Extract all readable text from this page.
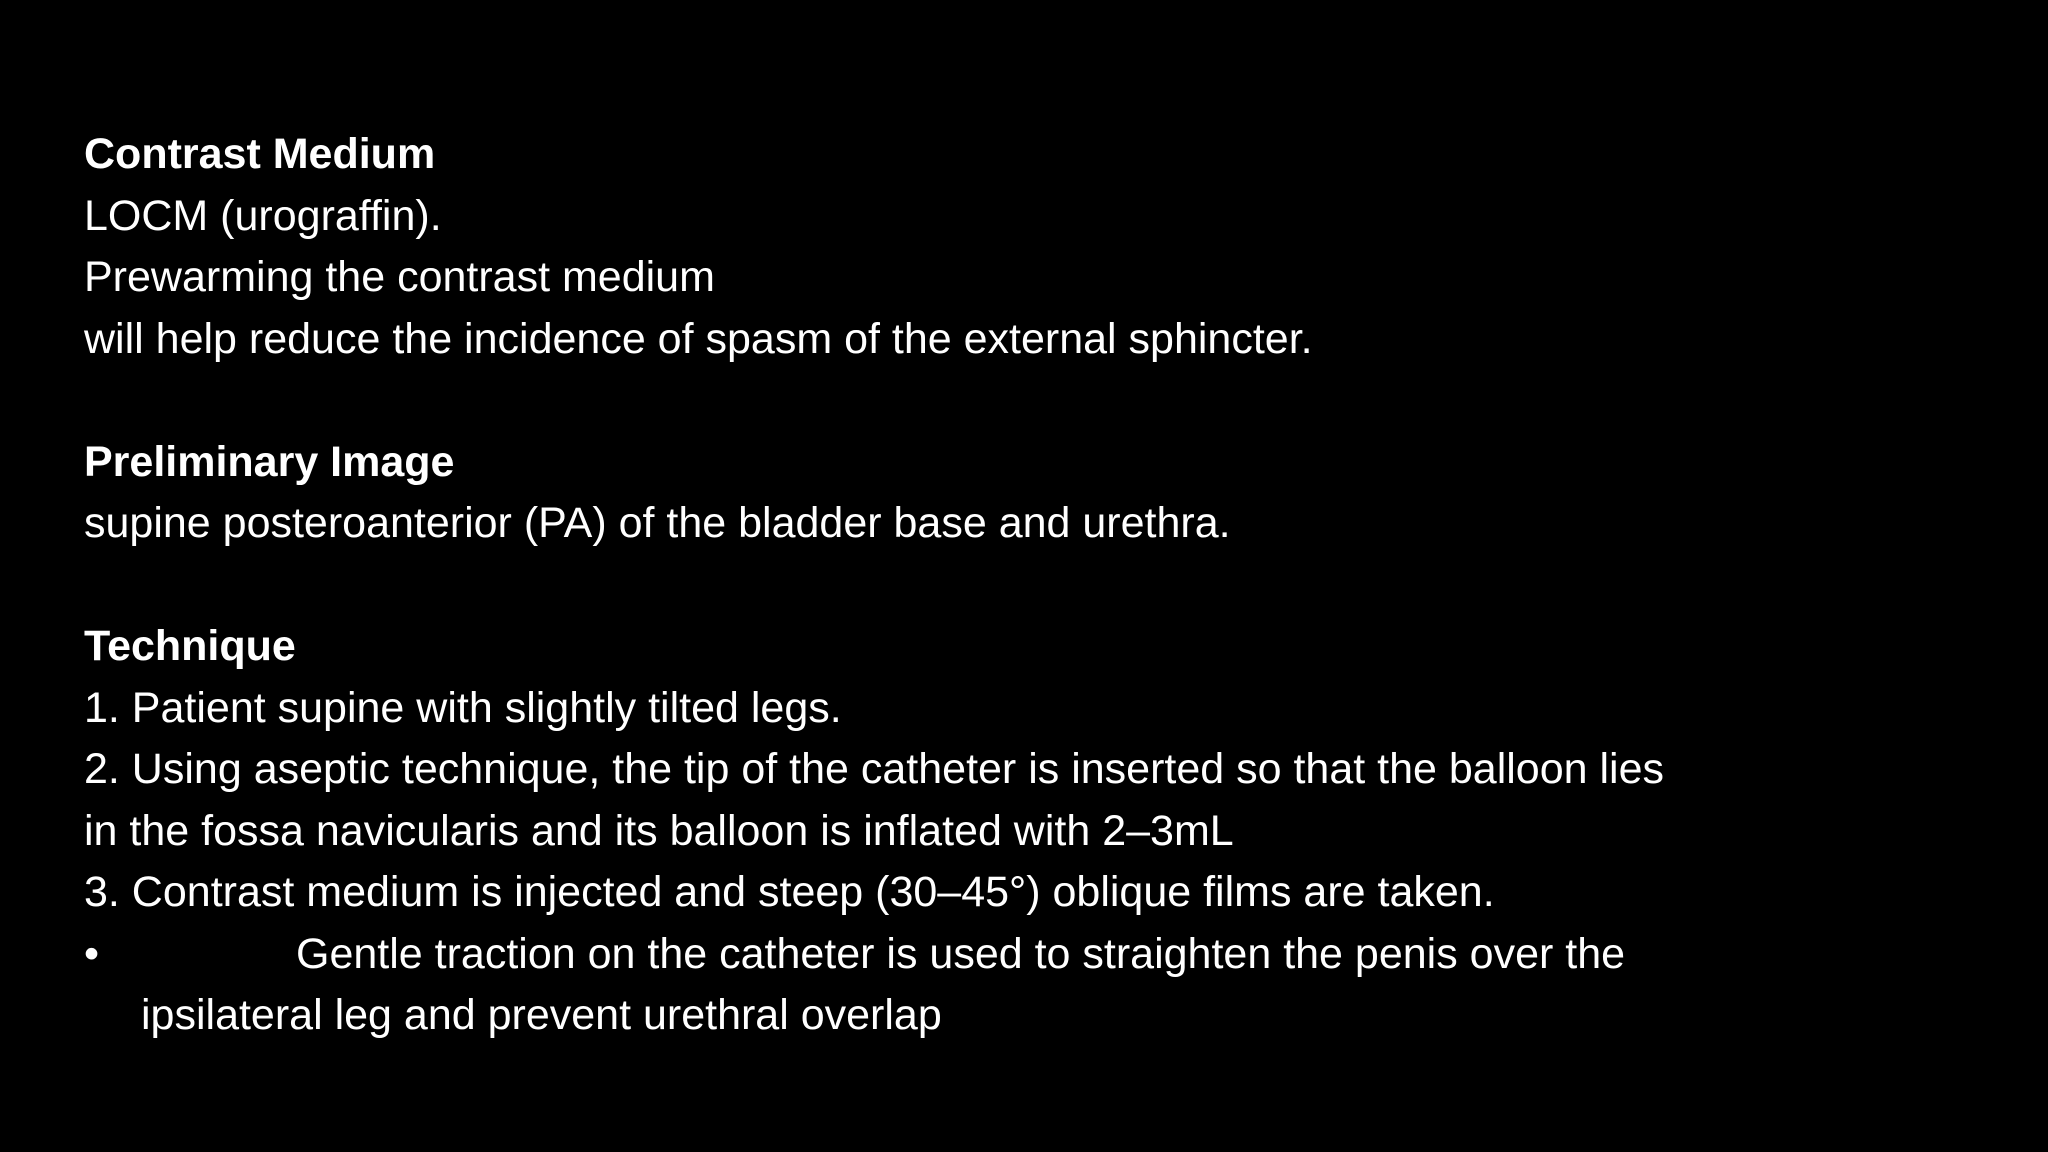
Contrast Medium
LOCM (urograffin).
Prewarming the contrast medium
will help reduce the incidence of spasm of the external sphincter.
Preliminary Image
supine posteroanterior (PA) of the bladder base and urethra.
Technique
1. Patient supine with slightly tilted legs.
2. Using aseptic technique, the tip of the catheter is inserted so that the balloon lies
in the fossa navicularis and its balloon is inflated with 2–3mL
3. Contrast medium is injected and steep (30–45°) oblique films are taken.
•	Gentle traction on the catheter is used to straighten the penis over the
ipsilateral leg and prevent urethral overlap
